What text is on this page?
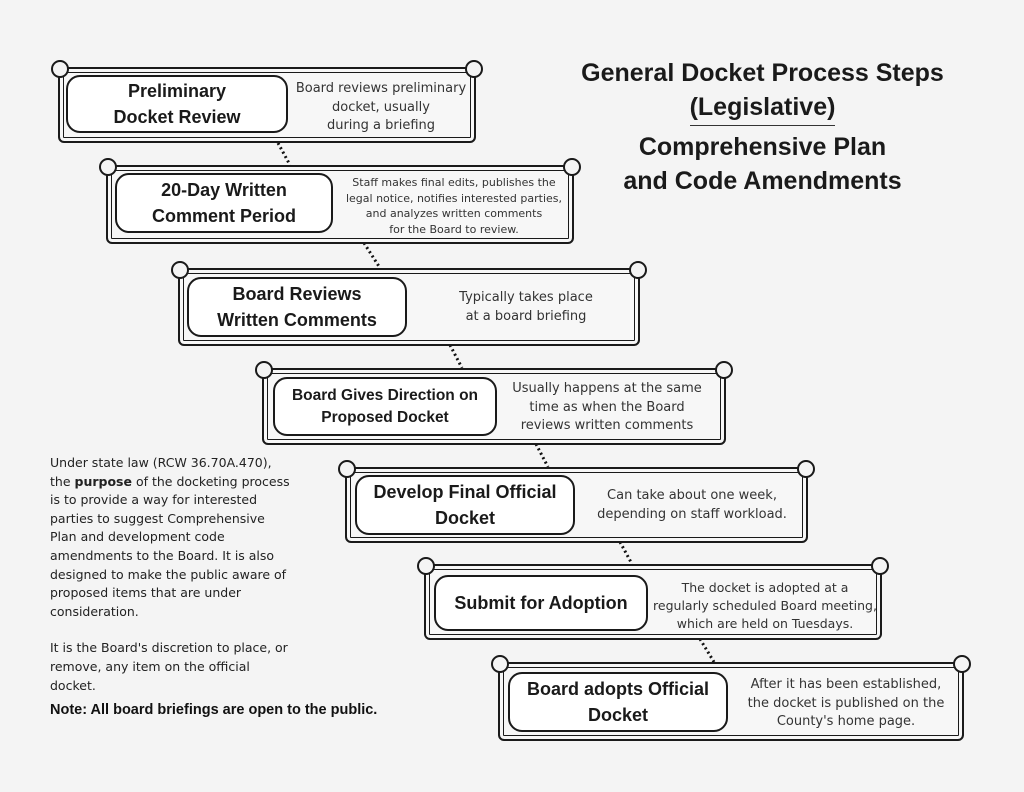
General Docket Process Steps
(Legislative)
Comprehensive Plan
and Code Amendments
Preliminary
Docket Review
Board reviews preliminary
docket, usually
during a briefing
20-Day Written
Comment Period
Staff makes final edits, publishes the
legal notice, notifies interested parties,
and analyzes written comments
for the Board to review.
Board Reviews
Written Comments
Typically takes place
at a board briefing
Board Gives Direction on
Proposed Docket
Usually happens at the same
time as when the Board
reviews written comments
Develop Final Official
Docket
Can take about one week,
depending on staff workload.
Submit for Adoption
The docket is adopted at a
regularly scheduled Board meeting,
which are held on Tuesdays.
Board adopts Official
Docket
After it has been established,
the docket is published on the
County's home page.

Under state law (RCW 36.70A.470), the purpose of the docketing process is to provide a way for interested parties to suggest Comprehensive Plan and development code amendments to the Board. It is also designed to make the public aware of proposed items that are under consideration.

It is the Board's discretion to place, or remove, any item on the official docket.

Note: All board briefings are open to the public.
